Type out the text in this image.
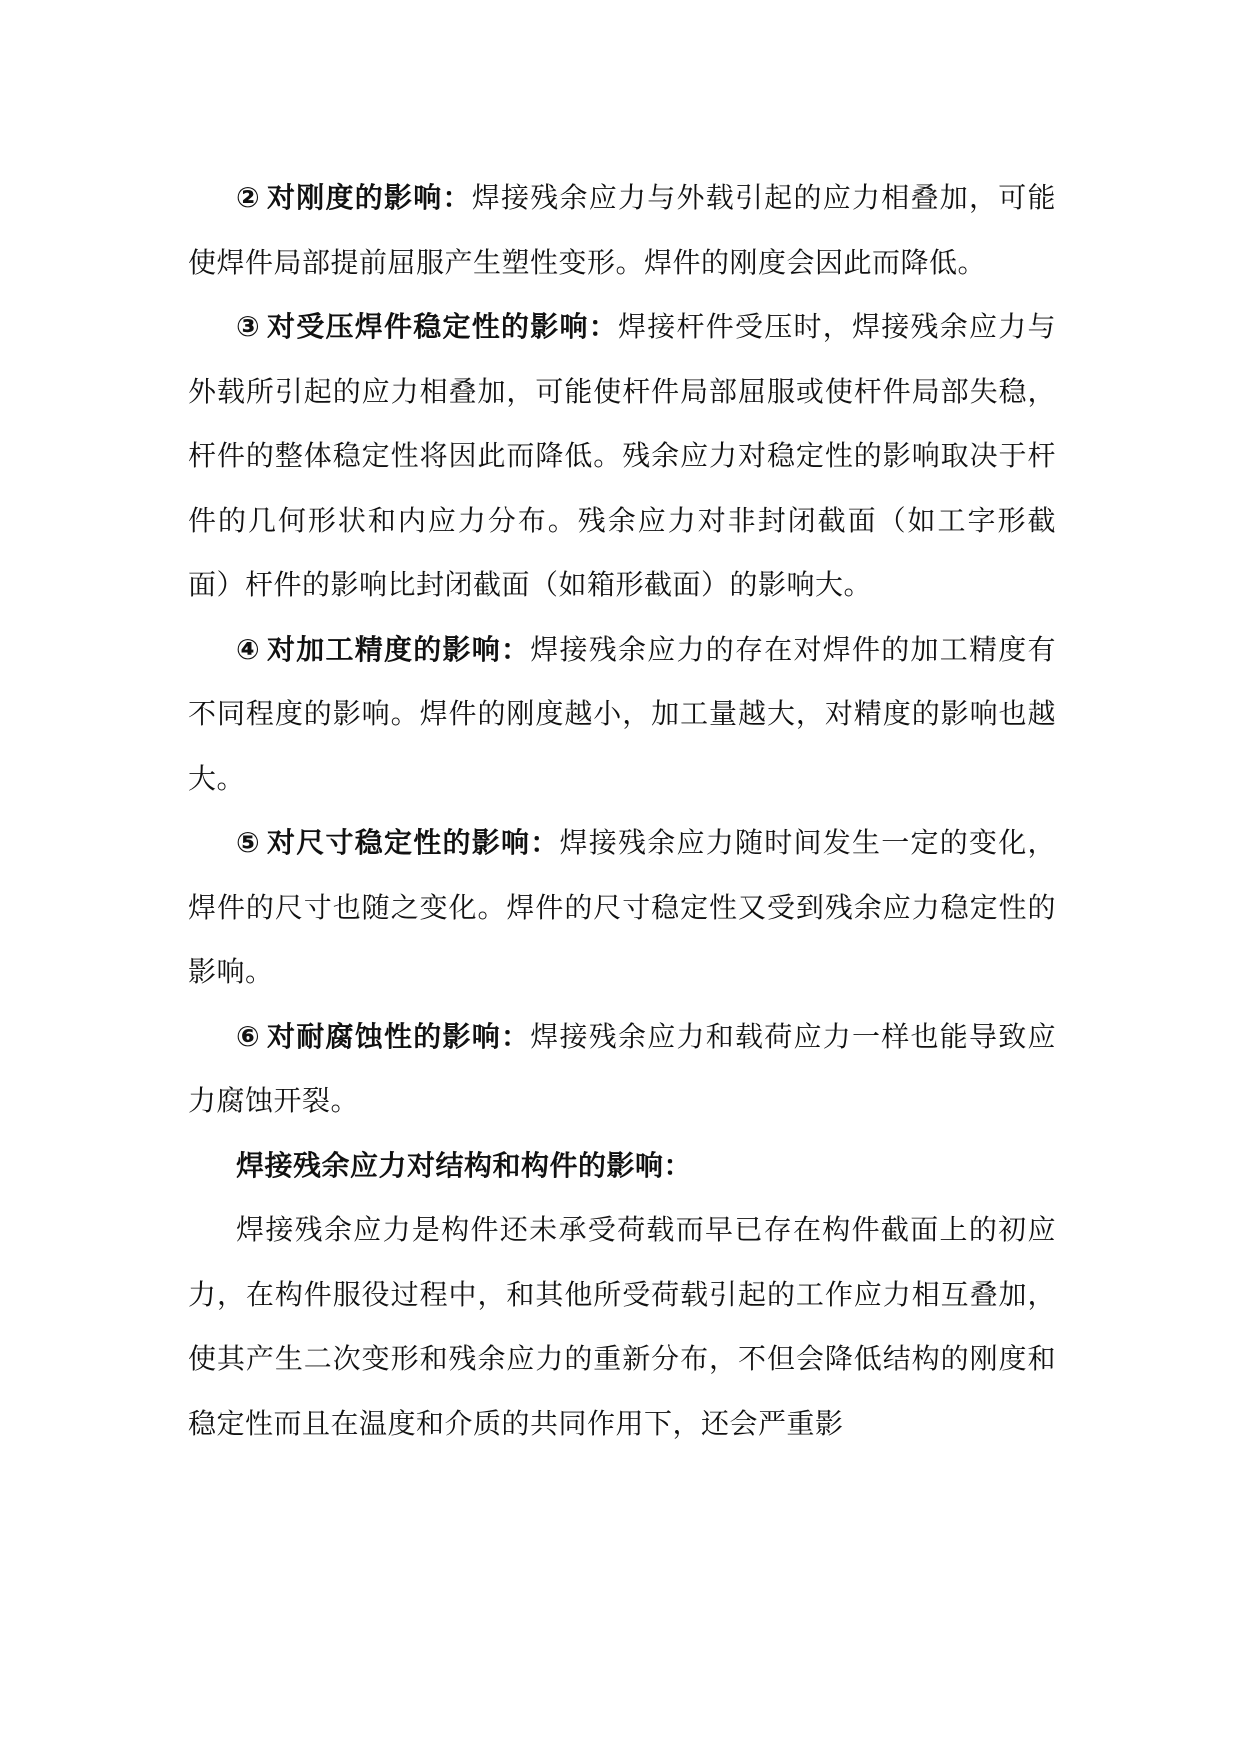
② 对刚度的影响：焊接残余应力与外载引起的应力相叠加，可能使焊件局部提前屈服产生塑性变形。焊件的刚度会因此而降低。

③ 对受压焊件稳定性的影响：焊接杆件受压时，焊接残余应力与外载所引起的应力相叠加，可能使杆件局部屈服或使杆件局部失稳，杆件的整体稳定性将因此而降低。残余应力对稳定性的影响取决于杆件的几何形状和内应力分布。残余应力对非封闭截面（如工字形截面）杆件的影响比封闭截面（如箱形截面）的影响大。

④ 对加工精度的影响：焊接残余应力的存在对焊件的加工精度有不同程度的影响。焊件的刚度越小，加工量越大，对精度的影响也越大。

⑤ 对尺寸稳定性的影响：焊接残余应力随时间发生一定的变化，焊件的尺寸也随之变化。焊件的尺寸稳定性又受到残余应力稳定性的影响。

⑥ 对耐腐蚀性的影响：焊接残余应力和载荷应力一样也能导致应力腐蚀开裂。

焊接残余应力对结构和构件的影响：

焊接残余应力是构件还未承受荷载而早已存在构件截面上的初应力，在构件服役过程中，和其他所受荷载引起的工作应力相互叠加，使其产生二次变形和残余应力的重新分布，不但会降低结构的刚度和稳定性而且在温度和介质的共同作用下，还会严重影
